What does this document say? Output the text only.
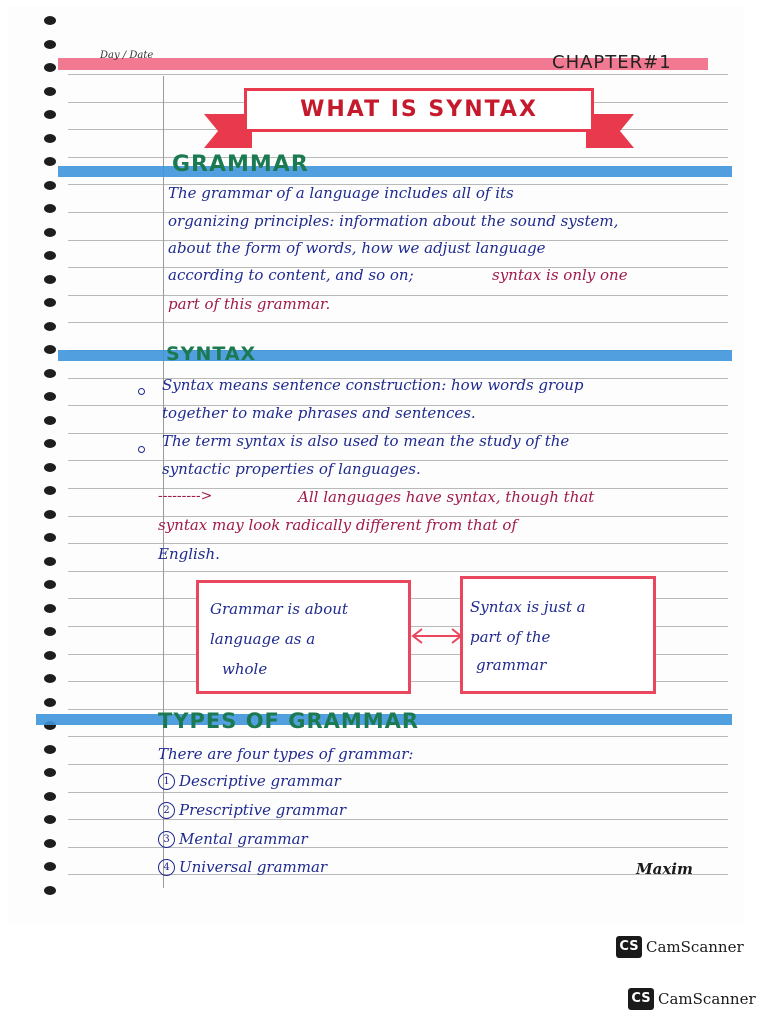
Day / Date	CHAPTER#1
WHAT IS SYNTAX
GRAMMAR
The grammar of a language includes all of its
organizing principles: information about the sound system,
about the form of words, how we adjust language
according to content, and so on;	syntax is only one
part of this grammar.
SYNTAX
Syntax means sentence construction: how words group
together to make phrases and sentences.
The term syntax is also used to mean the study of the
syntactic properties of languages.
--------->	All languages have syntax, though that
syntax may look radically different from that of
English.
Grammar is about
language as a
whole
Syntax is just a
part of the
grammar
TYPES OF GRAMMAR
There are four types of grammar:
1 Descriptive grammar
2 Prescriptive grammar
3 Mental grammar
4 Universal grammar	Maxim
CS CamScanner
CS CamScanner
